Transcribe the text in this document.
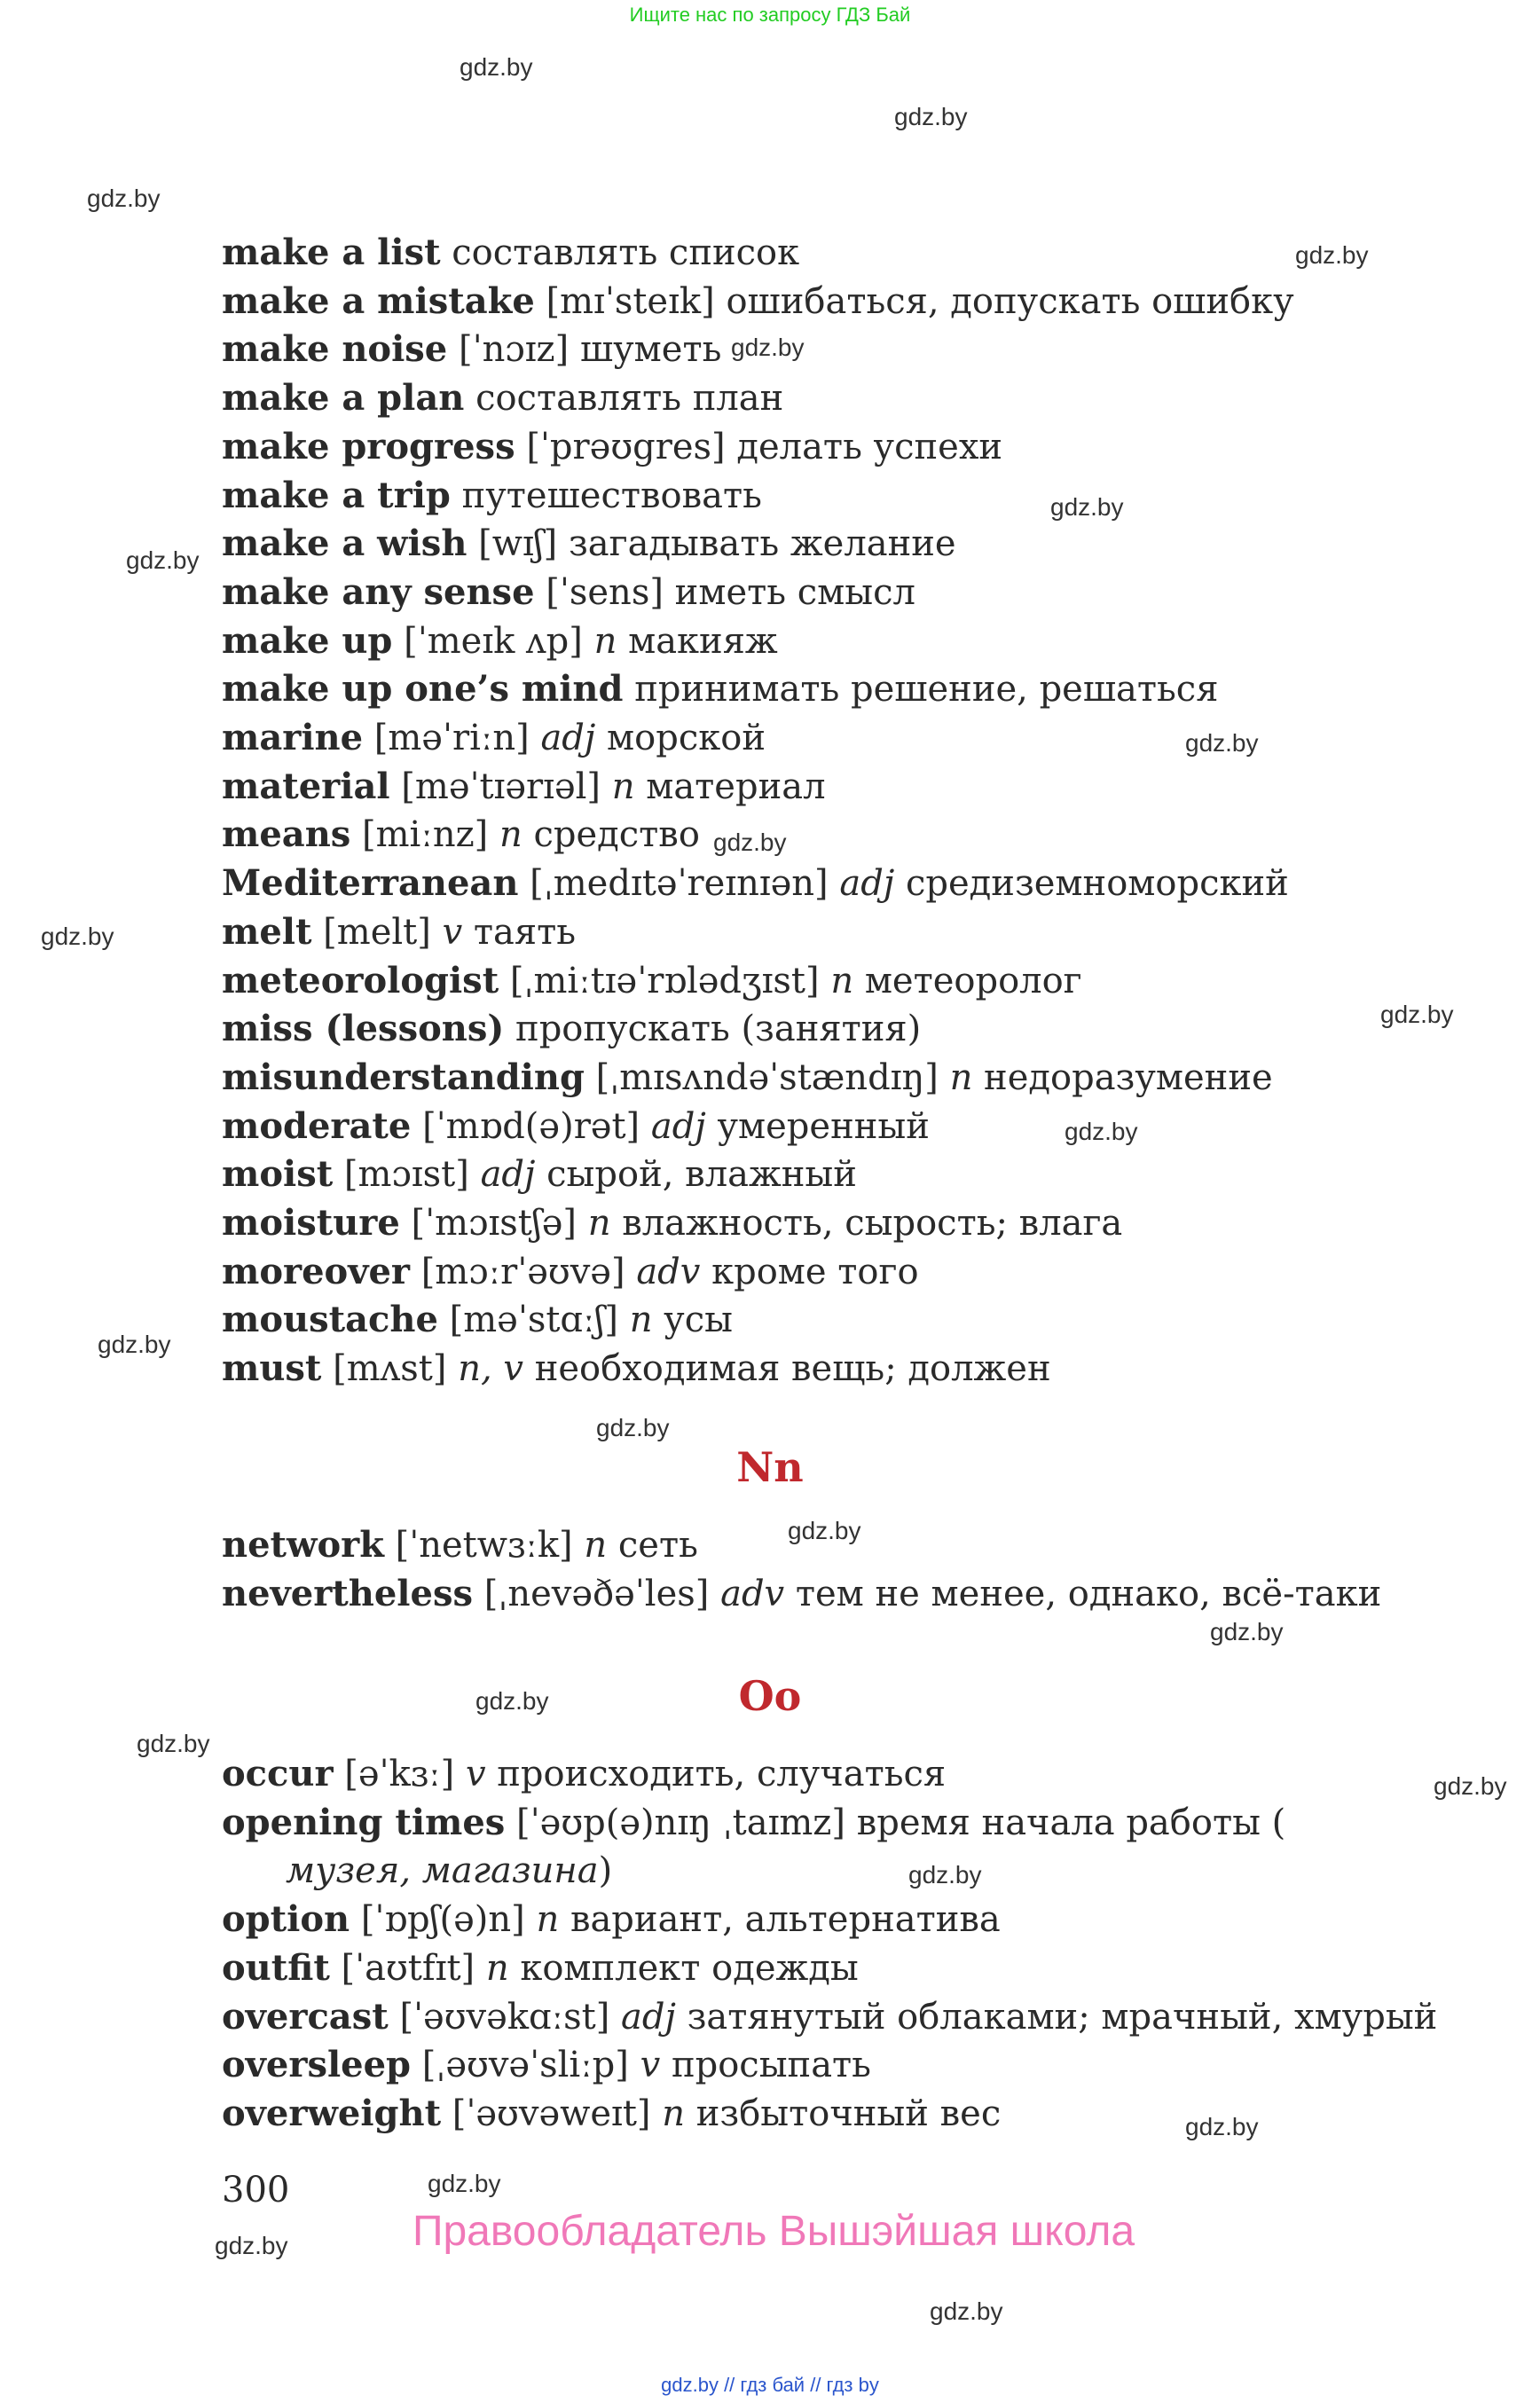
Ищите нас по запросу ГДЗ Бай
gdz.by
gdz.by
gdz.by
gdz.by
gdz.by
gdz.by
gdz.by
gdz.by
gdz.by
gdz.by
gdz.by
gdz.by
gdz.by
gdz.by
gdz.by
gdz.by
gdz.by
gdz.by
gdz.by
gdz.by
gdz.by
gdz.by
gdz.by
gdz.by
make a list составлять список
make a mistake [mɪˈsteɪk] ошибаться, допускать ошибку
make noise [ˈnɔɪz] шуметь
make a plan составлять план
make progress [ˈprəʊgres] делать успехи
make a trip путешествовать
make a wish [wɪʃ] загадывать желание
make any sense [ˈsens] иметь смысл
make up [ˈmeɪk ʌp] n макияж
make up one’s mind принимать решение, решаться
marine [məˈriːn] adj морской
material [məˈtɪərɪəl] n материал
means [miːnz] n средство
Mediterranean [ˌmedɪtəˈreɪnɪən] adj средиземноморский
melt [melt] v таять
meteorologist [ˌmiːtɪəˈrɒlədʒɪst] n метеоролог
miss (lessons) пропускать (занятия)
misunderstanding [ˌmɪsʌndəˈstændɪŋ] n недоразумение
moderate [ˈmɒd(ə)rət] adj умеренный
moist [mɔɪst] adj сырой, влажный
moisture [ˈmɔɪstʃə] n влажность, сырость; влага
moreover [mɔːrˈəʊvə] adv кроме того
moustache [məˈstɑːʃ] n усы
must [mʌst] n, v необходимая вещь; должен
Nn
network [ˈnetwɜːk] n сеть
nevertheless [ˌnevəðəˈles] adv тем не менее, однако, всё-таки
Oo
occur [əˈkɜː] v происходить, случаться
opening times [ˈəʊp(ə)nɪŋ ˌtaɪmz] время начала работы (
музея, магазина)
option [ˈɒpʃ(ə)n] n вариант, альтернатива
outfit [ˈaʊtfɪt] n комплект одежды
overcast [ˈəʊvəkɑːst] adj затянутый облаками; мрачный, хмурый
oversleep [ˌəʊvəˈsliːp] v просыпать
overweight [ˈəʊvəweɪt] n избыточный вес
300
Правообладатель Вышэйшая школа
gdz.by // гдз бай // гдз by
